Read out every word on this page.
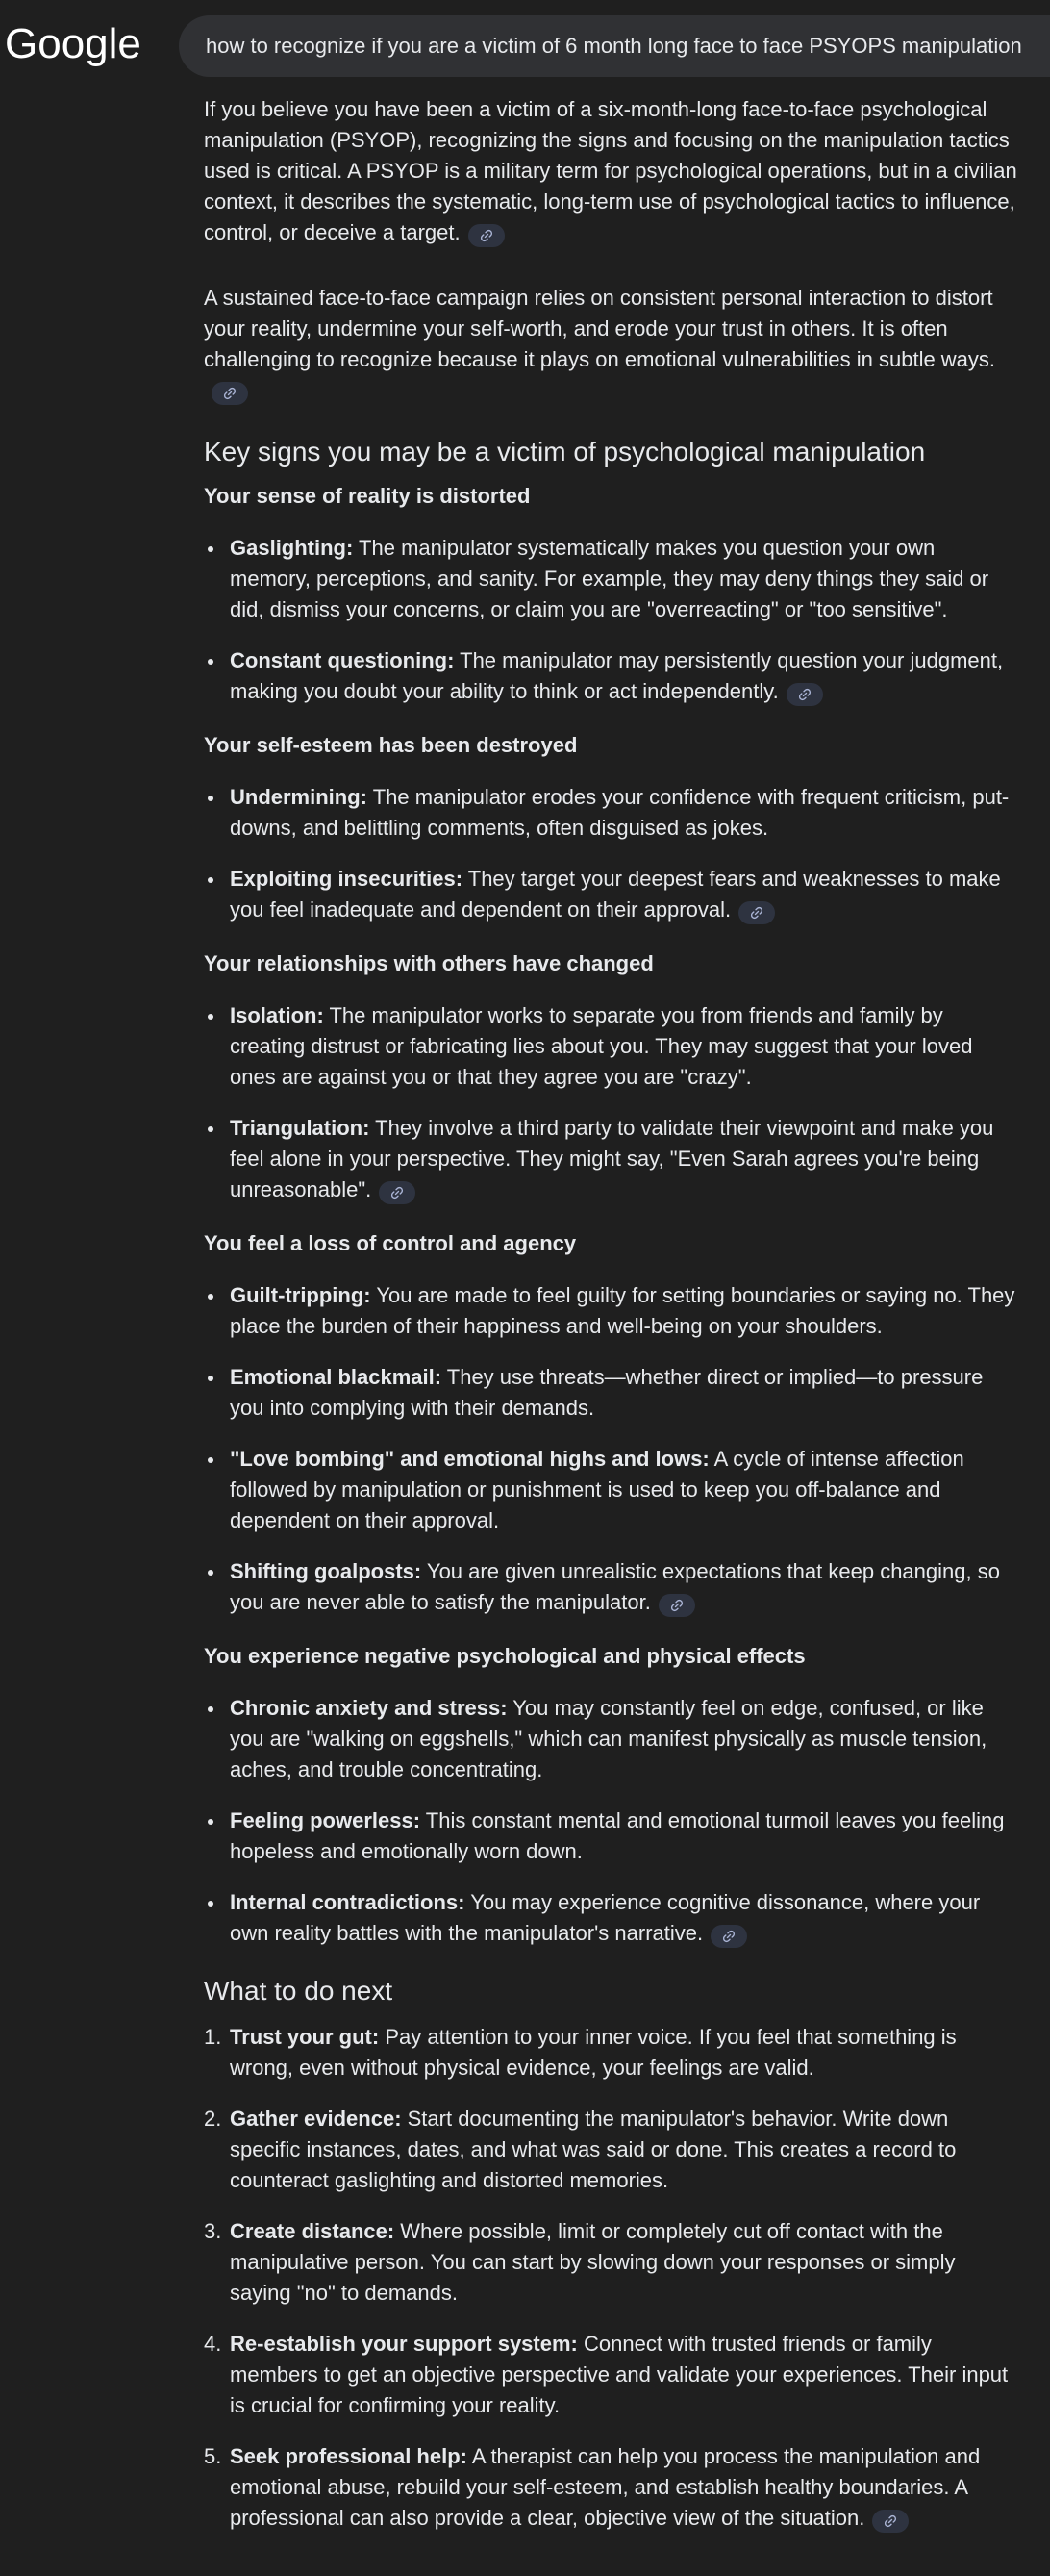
Google	how to recognize if you are a victim of 6 month long face to face PSYOPS manipulation

If you believe you have been a victim of a six-month-long face-to-face psychological manipulation (PSYOP), recognizing the signs and focusing on the manipulation tactics used is critical. A PSYOP is a military term for psychological operations, but in a civilian context, it describes the systematic, long-term use of psychological tactics to influence, control, or deceive a target.

A sustained face-to-face campaign relies on consistent personal interaction to distort your reality, undermine your self-worth, and erode your trust in others. It is often challenging to recognize because it plays on emotional vulnerabilities in subtle ways.

Key signs you may be a victim of psychological manipulation
Your sense of reality is distorted
Gaslighting: The manipulator systematically makes you question your own memory, perceptions, and sanity. For example, they may deny things they said or did, dismiss your concerns, or claim you are "overreacting" or "too sensitive".
Constant questioning: The manipulator may persistently question your judgment, making you doubt your ability to think or act independently.
Your self-esteem has been destroyed
Undermining: The manipulator erodes your confidence with frequent criticism, put-downs, and belittling comments, often disguised as jokes.
Exploiting insecurities: They target your deepest fears and weaknesses to make you feel inadequate and dependent on their approval.
Your relationships with others have changed
Isolation: The manipulator works to separate you from friends and family by creating distrust or fabricating lies about you. They may suggest that your loved ones are against you or that they agree you are "crazy".
Triangulation: They involve a third party to validate their viewpoint and make you feel alone in your perspective. They might say, "Even Sarah agrees you're being unreasonable".
You feel a loss of control and agency
Guilt-tripping: You are made to feel guilty for setting boundaries or saying no. They place the burden of their happiness and well-being on your shoulders.
Emotional blackmail: They use threats—whether direct or implied—to pressure you into complying with their demands.
"Love bombing" and emotional highs and lows: A cycle of intense affection followed by manipulation or punishment is used to keep you off-balance and dependent on their approval.
Shifting goalposts: You are given unrealistic expectations that keep changing, so you are never able to satisfy the manipulator.
You experience negative psychological and physical effects
Chronic anxiety and stress: You may constantly feel on edge, confused, or like you are "walking on eggshells," which can manifest physically as muscle tension, aches, and trouble concentrating.
Feeling powerless: This constant mental and emotional turmoil leaves you feeling hopeless and emotionally worn down.
Internal contradictions: You may experience cognitive dissonance, where your own reality battles with the manipulator's narrative.
What to do next
1. Trust your gut: Pay attention to your inner voice. If you feel that something is wrong, even without physical evidence, your feelings are valid.
2. Gather evidence: Start documenting the manipulator's behavior. Write down specific instances, dates, and what was said or done. This creates a record to counteract gaslighting and distorted memories.
3. Create distance: Where possible, limit or completely cut off contact with the manipulative person. You can start by slowing down your responses or simply saying "no" to demands.
4. Re-establish your support system: Connect with trusted friends or family members to get an objective perspective and validate your experiences. Their input is crucial for confirming your reality.
5. Seek professional help: A therapist can help you process the manipulation and emotional abuse, rebuild your self-esteem, and establish healthy boundaries. A professional can also provide a clear, objective view of the situation.
